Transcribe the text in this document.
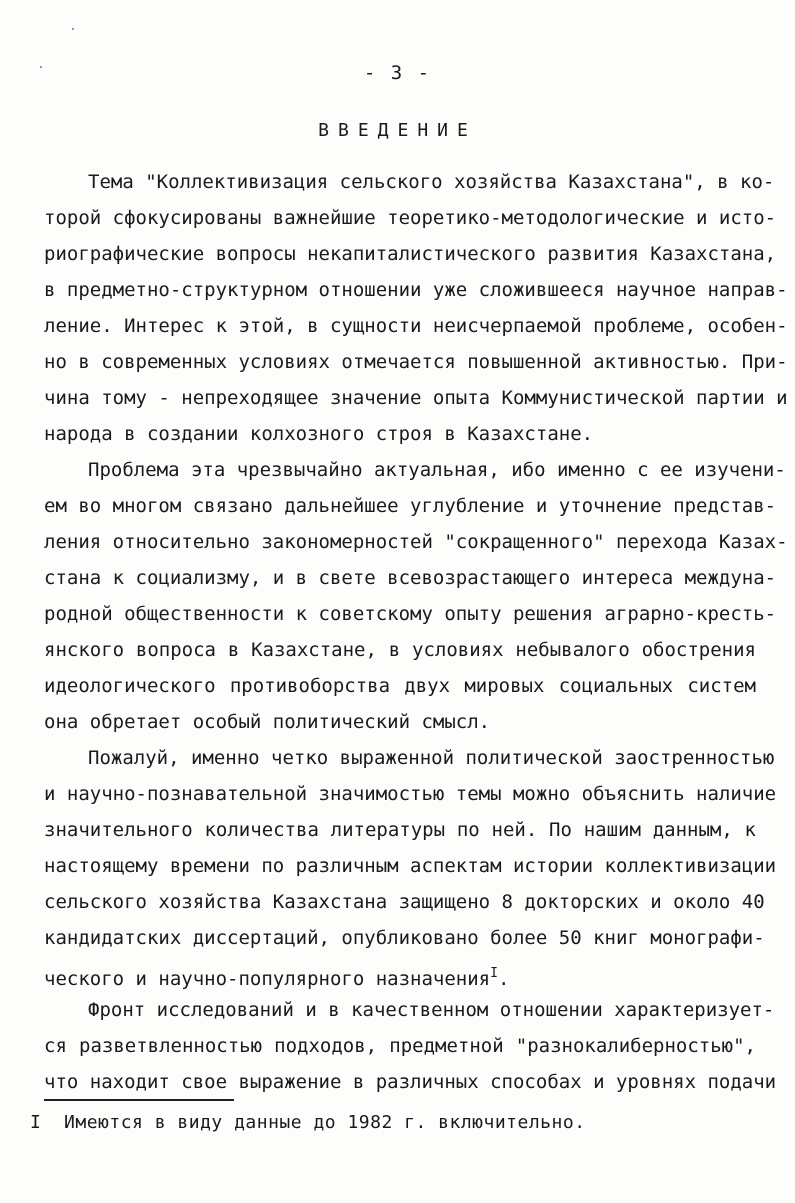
- 3 -
ВВЕДЕНИЕ
Тема "Коллективизация сельского хозяйства Казахстана", в ко-
торой сфокусированы важнейшие теоретико-методологические и исто-
риографические вопросы некапиталистического развития Казахстана,
в предметно-структурном отношении уже сложившееся научное направ-
ление. Интерес к этой, в сущности неисчерпаемой проблеме, особен-
но в современных условиях отмечается повышенной активностью. При-
чина тому - непреходящее значение опыта Коммунистической партии и
народа в создании колхозного строя в Казахстане.
Проблема эта чрезвычайно актуальная, ибо именно с ее изучени-
ем во многом связано дальнейшее углубление и уточнение представ-
ления относительно закономерностей "сокращенного" перехода Казах-
стана к социализму, и в свете всевозрастающего интереса междуна-
родной общественности к советскому опыту решения аграрно-кресть-
янского вопроса в Казахстане, в условиях небывалого обострения
идеологического противоборства двух мировых социальных систем
она обретает особый политический смысл.
Пожалуй, именно четко выраженной политической заостренностью
и научно-познавательной значимостью темы можно объяснить наличие
значительного количества литературы по ней. По нашим данным, к
настоящему времени по различным аспектам истории коллективизации
сельского хозяйства Казахстана защищено 8 докторских и около 40
кандидатских диссертаций, опубликовано более 50 книг монографи-
ческого и научно-популярного назначения$^I$.
Фронт исследований и в качественном отношении характеризует-
ся разветвленностью подходов, предметной "разнокалиберностью",
что находит свое выражение в различных способах и уровнях подачи
I Имеются в виду данные до 1982 г. включительно.
